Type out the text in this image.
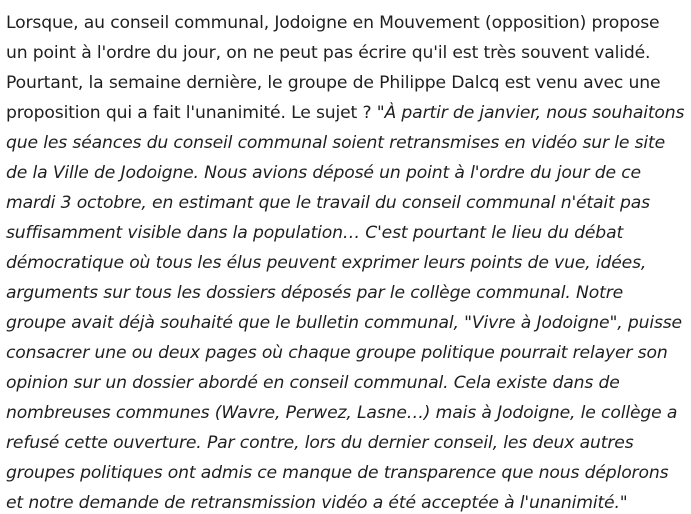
Lorsque, au conseil communal, Jodoigne en Mouvement (opposition) propose un point à l'ordre du jour, on ne peut pas écrire qu'il est très souvent validé. Pourtant, la semaine dernière, le groupe de Philippe Dalcq est venu avec une proposition qui a fait l'unanimité. Le sujet ? "À partir de janvier, nous souhaitons que les séances du conseil communal soient retransmises en vidéo sur le site de la Ville de Jodoigne. Nous avions déposé un point à l'ordre du jour de ce mardi 3 octobre, en estimant que le travail du conseil communal n'était pas suffisamment visible dans la population… C'est pourtant le lieu du débat démocratique où tous les élus peuvent exprimer leurs points de vue, idées, arguments sur tous les dossiers déposés par le collège communal. Notre groupe avait déjà souhaité que le bulletin communal, "Vivre à Jodoigne", puisse consacrer une ou deux pages où chaque groupe politique pourrait relayer son opinion sur un dossier abordé en conseil communal. Cela existe dans de nombreuses communes (Wavre, Perwez, Lasne…) mais à Jodoigne, le collège a refusé cette ouverture. Par contre, lors du dernier conseil, les deux autres groupes politiques ont admis ce manque de transparence que nous déplorons et notre demande de retransmission vidéo a été acceptée à l'unanimité."
